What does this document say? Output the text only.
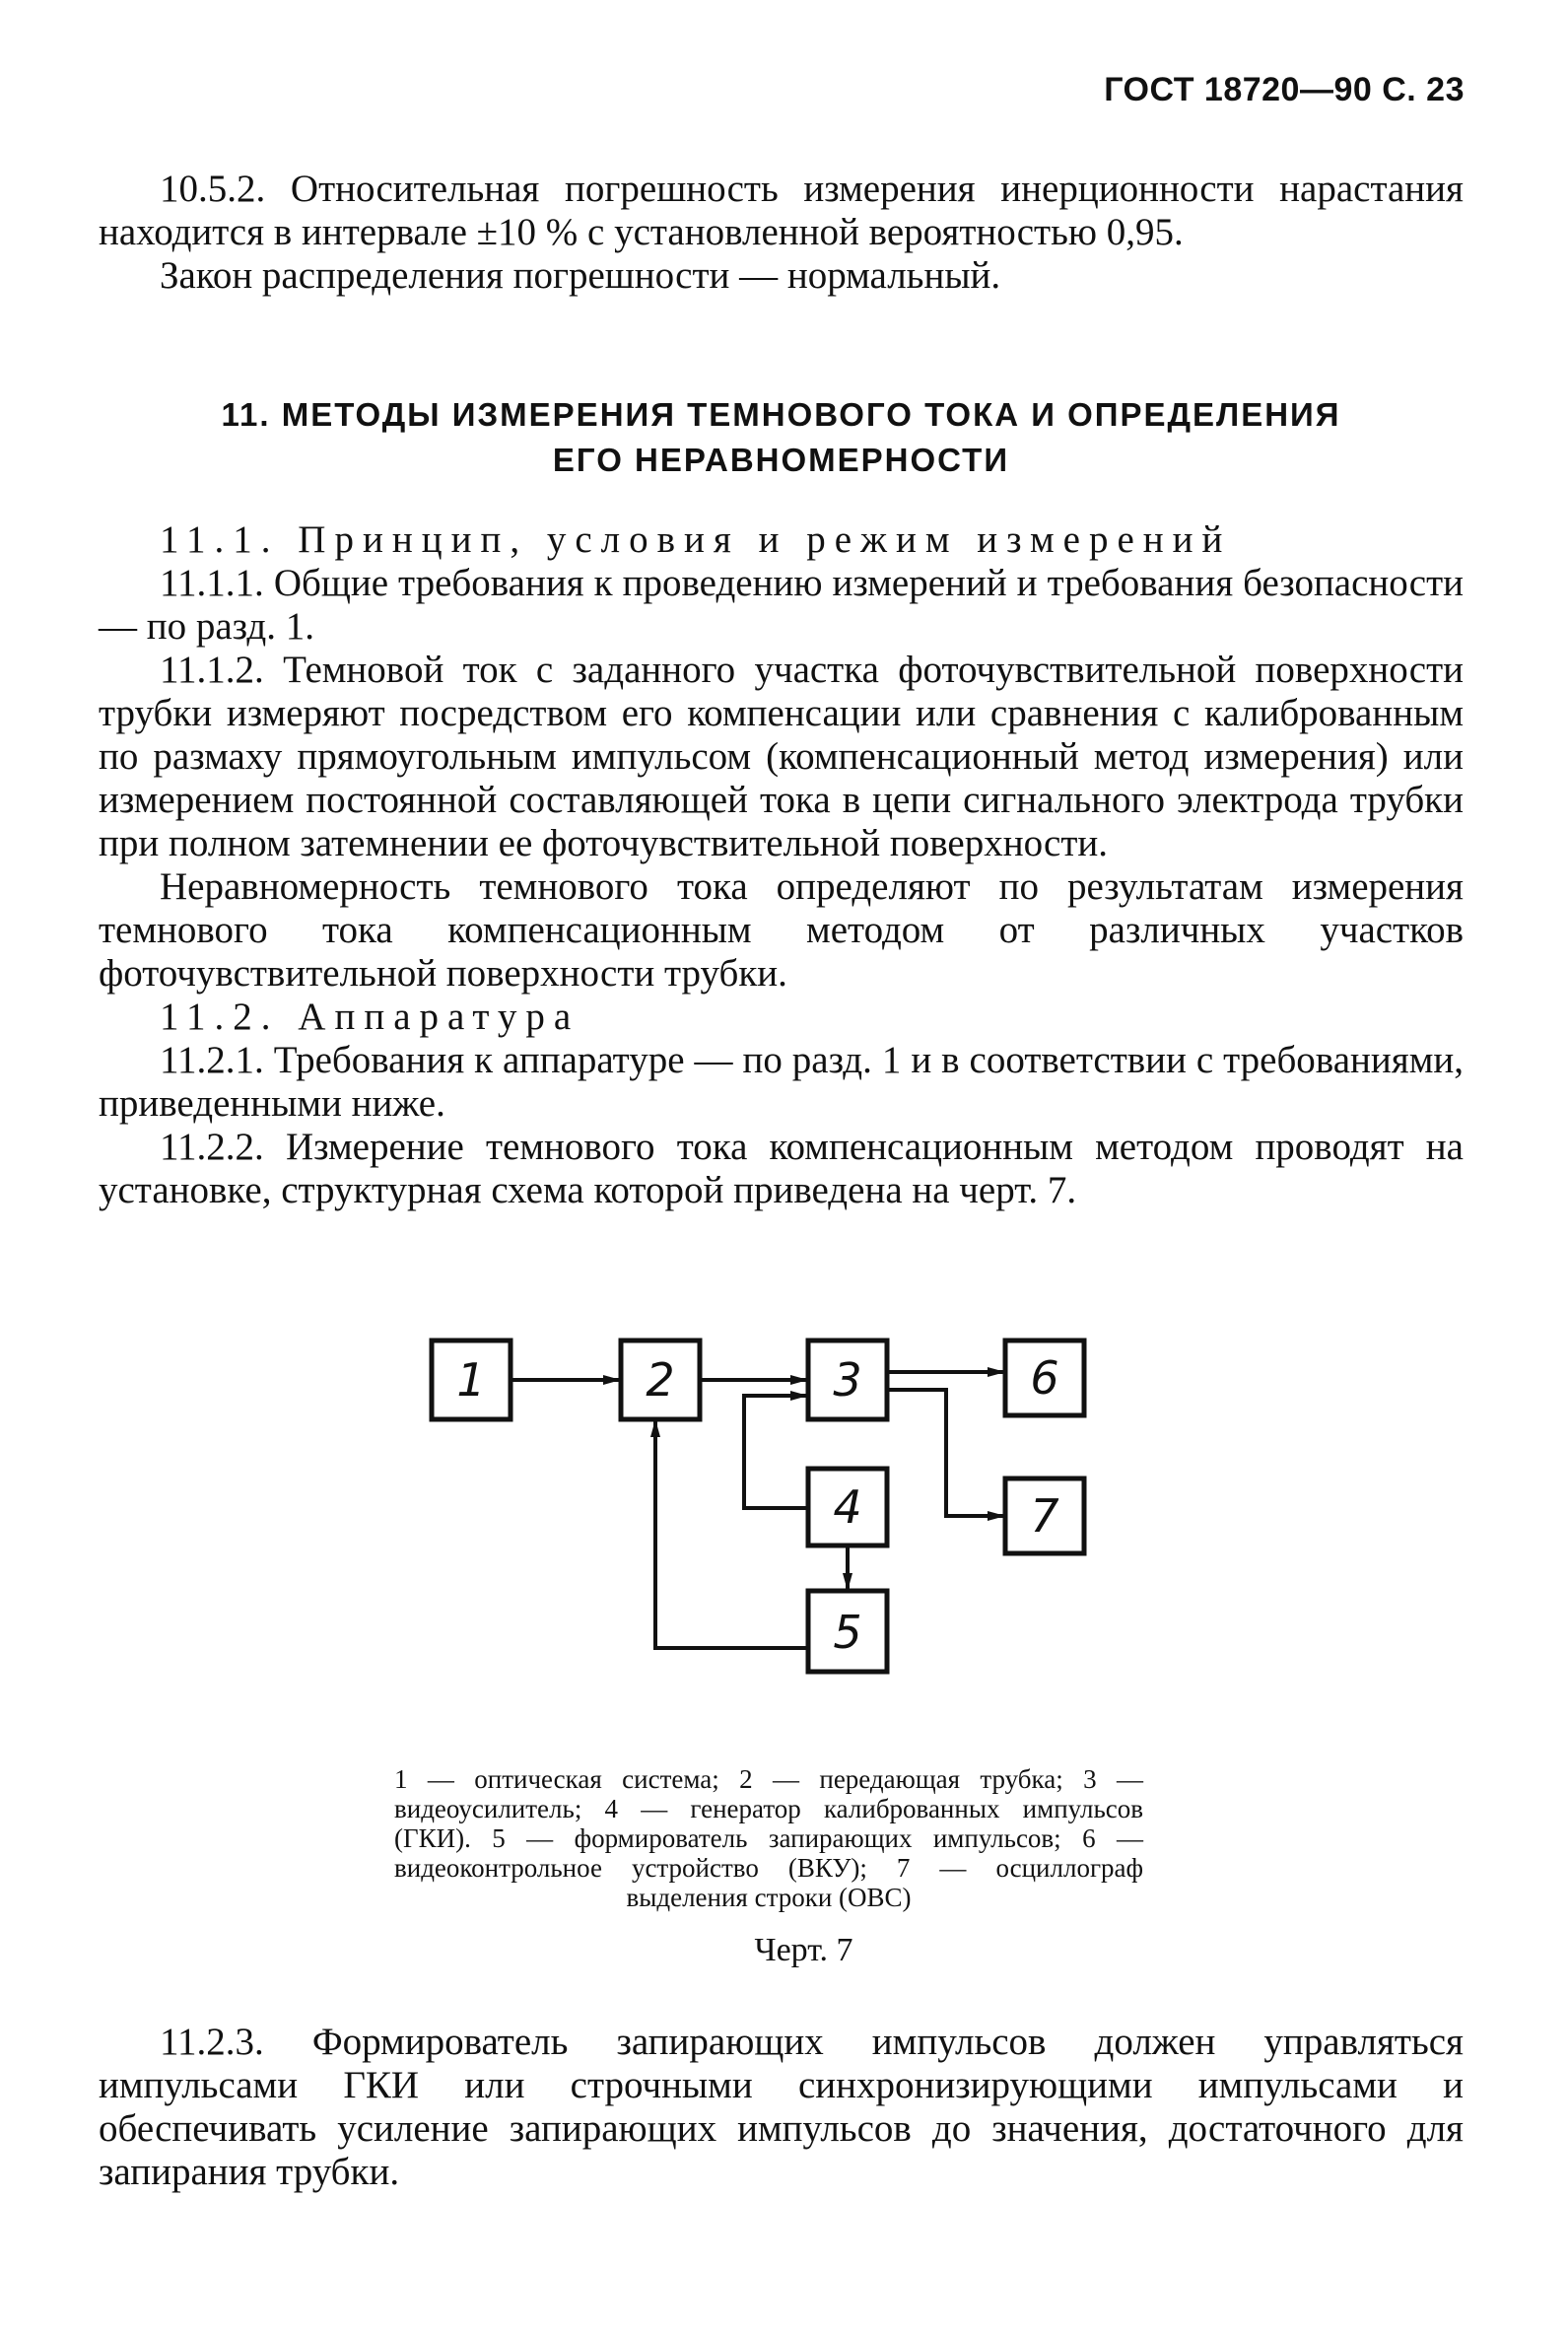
ГОСТ 18720—90 С. 23

10.5.2. Относительная погрешность измерения инерционности нарастания находится в интервале ±10 % с установленной вероятностью 0,95.

Закон распределения погрешности — нормальный.

11. МЕТОДЫ ИЗМЕРЕНИЯ ТЕМНОВОГО ТОКА И ОПРЕДЕЛЕНИЯ
ЕГО НЕРАВНОМЕРНОСТИ

11.1. Принцип, условия и режим измерений

11.1.1. Общие требования к проведению измерений и требования безопасности — по разд. 1.

11.1.2. Темновой ток с заданного участка фоточувствительной поверхности трубки измеряют посредством его компенсации или сравнения с калиброванным по размаху прямоугольным импульсом (компенсационный метод измерения) или измерением постоянной составляющей тока в цепи сигнального электрода трубки при полном затемнении ее фоточувствительной поверхности.

Неравномерность темнового тока определяют по результатам измерения темнового тока компенсационным методом от различных участков фоточувствительной поверхности трубки.

11.2. Аппаратура

11.2.1. Требования к аппаратуре — по разд. 1 и в соответствии с требованиями, приведенными ниже.

11.2.2. Измерение темнового тока компенсационным методом проводят на установке, структурная схема которой приведена на черт. 7.

1	2	3
4
5
6
7
1 — оптическая система; 2 — передающая трубка; 3 — видеоусилитель; 4 — генератор калиброванных импульсов (ГКИ). 5 — формирователь запирающих импульсов; 6 — видеоконтрольное устройство (ВКУ); 7 — осциллограф выделения строки (ОВС)
Черт. 7

11.2.3. Формирователь запирающих импульсов должен управляться импульсами ГКИ или строчными синхронизирующими импульсами и обеспечивать усиление запирающих импульсов до значения, достаточного для запирания трубки.
